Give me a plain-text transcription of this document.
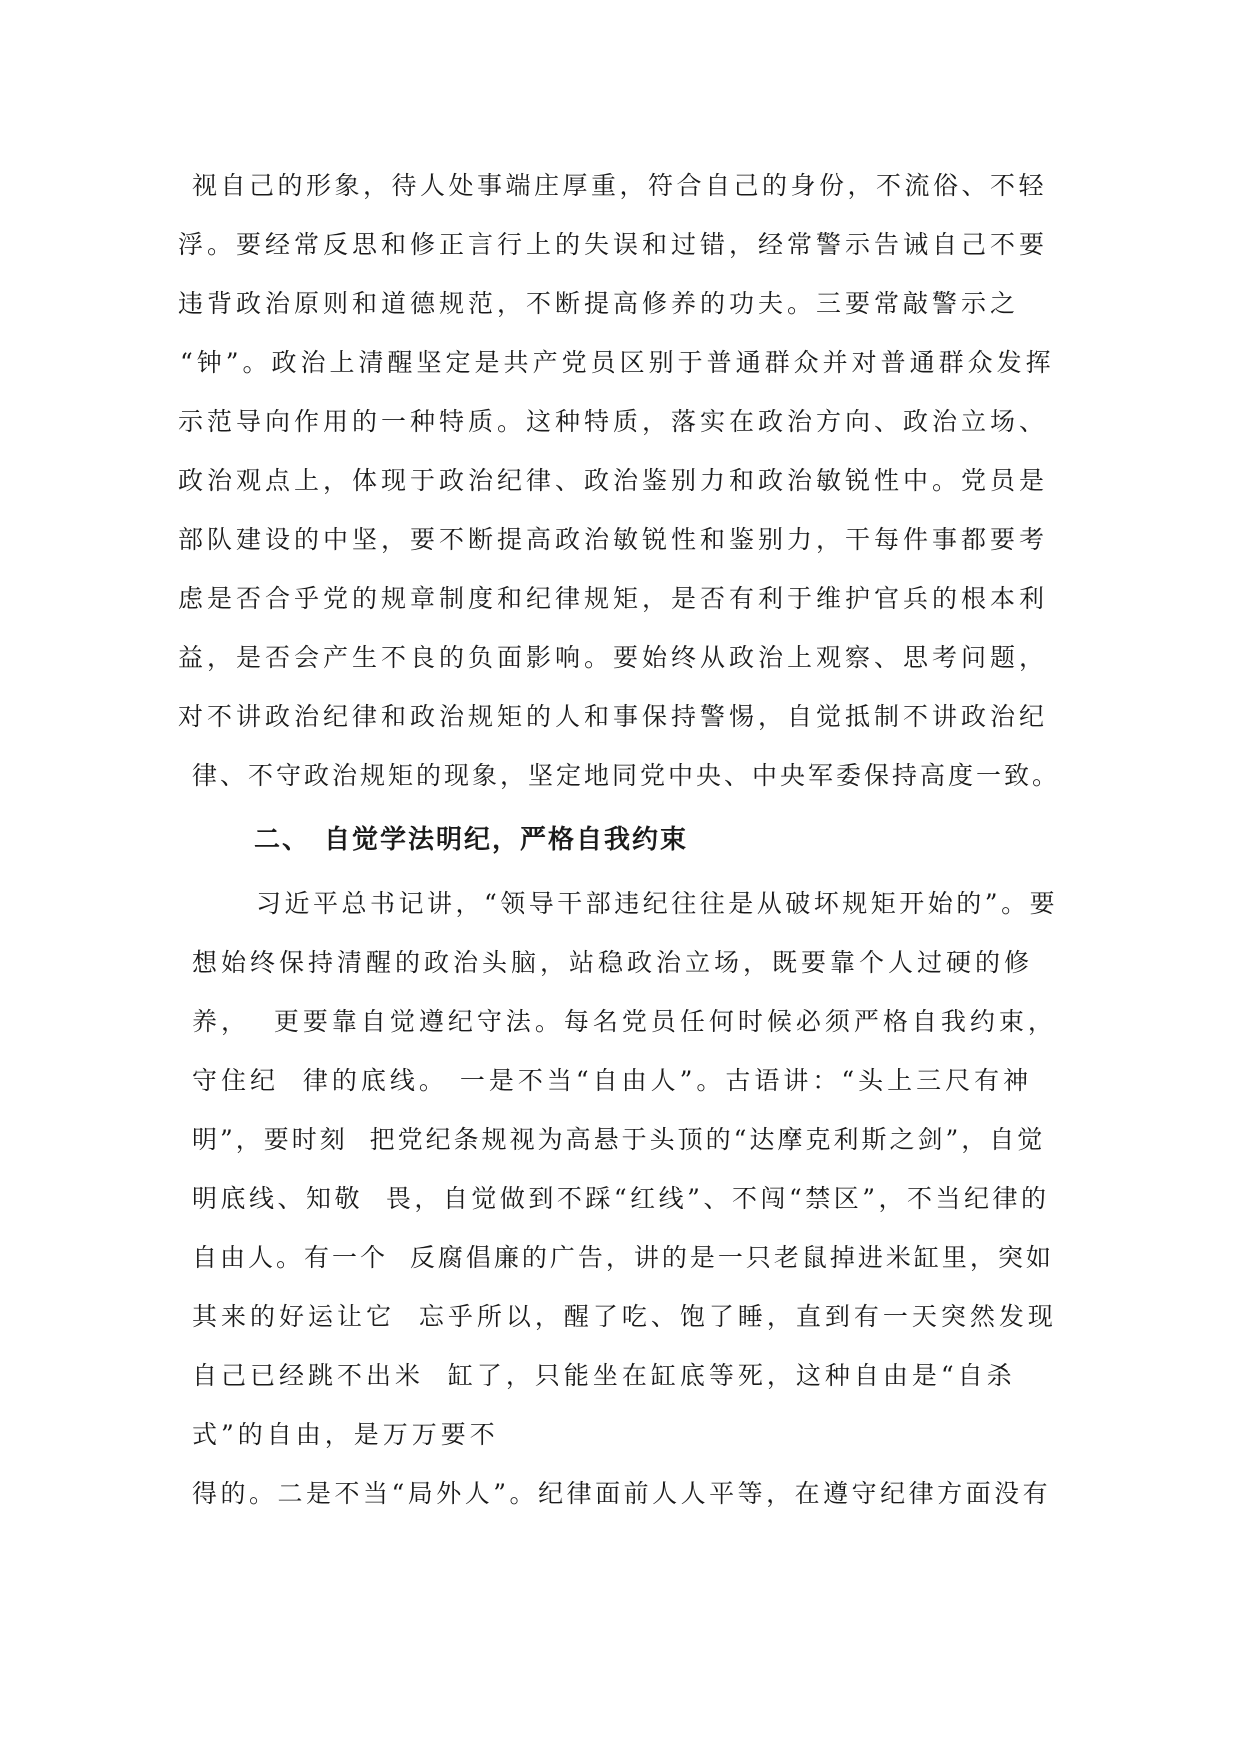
视自己的形象，待人处事端庄厚重，符合自己的身份，不流俗、不轻
浮。要经常反思和修正言行上的失误和过错，经常警示告诫自己不要
违背政治原则和道德规范，不断提高修养的功夫。三要常敲警示之
“钟”。政治上清醒坚定是共产党员区别于普通群众并对普通群众发挥
示范导向作用的一种特质。这种特质，落实在政治方向、政治立场、
政治观点上，体现于政治纪律、政治鉴别力和政治敏锐性中。党员是
部队建设的中坚，要不断提高政治敏锐性和鉴别力，干每件事都要考
虑是否合乎党的规章制度和纪律规矩，是否有利于维护官兵的根本利
益，是否会产生不良的负面影响。要始终从政治上观察、思考问题，
对不讲政治纪律和政治规矩的人和事保持警惕，自觉抵制不讲政治纪
律、不守政治规矩的现象，坚定地同党中央、中央军委保持高度一致。
二、 自觉学法明纪，严格自我约束
习近平总书记讲，“领导干部违纪往往是从破坏规矩开始的”。要
想始终保持清醒的政治头脑，站稳政治立场，既要靠个人过硬的修
养，  更要靠自觉遵纪守法。每名党员任何时候必须严格自我约束，
守住纪  律的底线。 一是不当“自由人”。古语讲：“头上三尺有神
明”，要时刻  把党纪条规视为高悬于头顶的“达摩克利斯之剑”，自觉
明底线、知敬  畏，自觉做到不踩“红线”、不闯“禁区”，不当纪律的
自由人。有一个  反腐倡廉的广告，讲的是一只老鼠掉进米缸里，突如
其来的好运让它  忘乎所以，醒了吃、饱了睡，直到有一天突然发现
自己已经跳不出米  缸了，只能坐在缸底等死，这种自由是“自杀
式”的自由，是万万要不
得的。二是不当“局外人”。纪律面前人人平等，在遵守纪律方面没有
